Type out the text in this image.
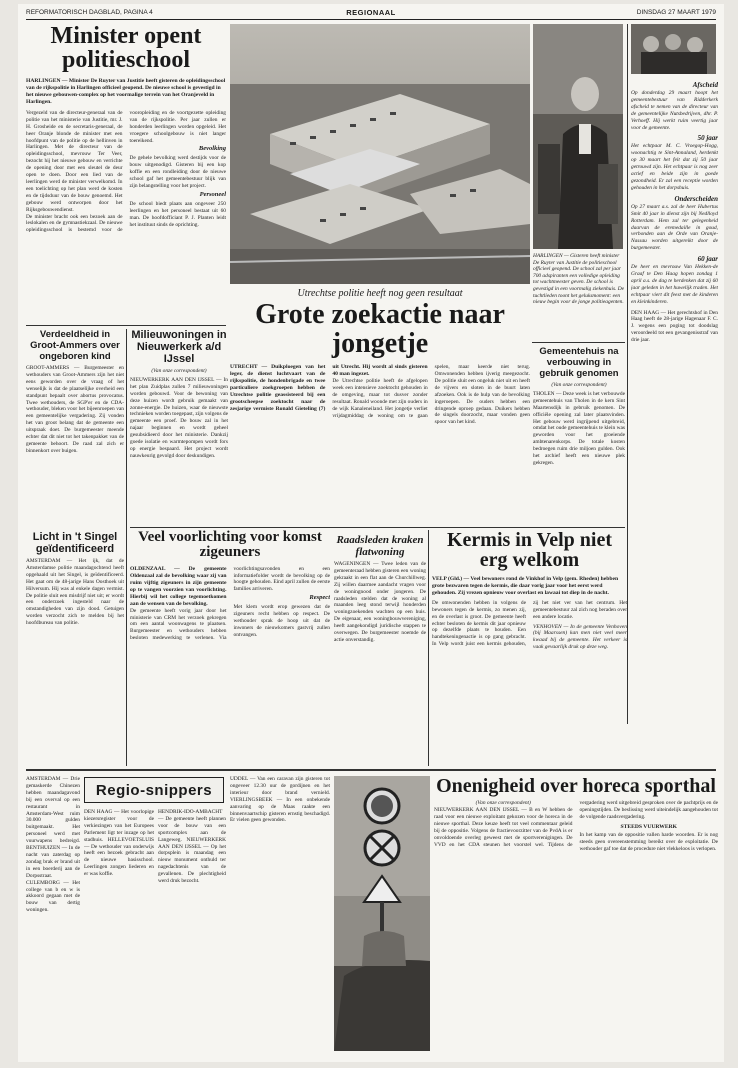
REFORMATORISCH DAGBLAD, PAGINA 4	REGIONAAL	DINSDAG 27 MAART 1979
Minister opent politieschool
HARLINGEN — Minister De Ruyter van Justitie heeft gisteren de opleidingsschool van de rijkspolitie in Harlingen officieel geopend. De nieuwe school is gevestigd in het nieuwe gebouwen-complex op het voormalige terrein van het Oranjeveld in Harlingen.

Vergezeld van de directeur-generaal van de politie van het ministerie van Justitie, mr. J. H. Grosheide en de secretaris-generaal, de heer Oranje blonde de minister met een hoofdpunt van de politie op de hellinven in Harlingen. Met de directeur van de opleidingsschool, mevrouw Ter Veer, bezocht hij het nieuwe gebouw en verrichte de opening door met een sleutel de deur open te doen. Door een lied van de leerlingen werd de minister verwelkomd. In een toelichting op het plan werd de kosten en de tijdsduur van de bouw genoemd. Het gebouw werd ontworpen door het Rijksgebouwendienst.

De minister bracht ook een bezoek aan de leslokalen en de gymnastiekzaal. De nieuwe opleidingsschool is bestemd voor de vooropleiding en de voortgezette opleiding van de rijkspolitie. Per jaar zullen er honderden leerlingen worden opgeleid. Het vroegere schoolgebouw is niet langer toereikend.

Bevolking

De gehele bevolking werd destijds voor de bouw uitgenodigd. Gisteren bij een kop koffie en een rondleiding door de nieuwe school gaf het gemeentebestuur blijk van zijn belangstelling voor het project.

Personeel

De school biedt plaats aan ongeveer 250 leerlingen en het personeel bestaat uit 60 man. De hoofdofficiant P. J. Planten leidt het instituut sinds de oprichting.

Verdeeldheid in Groot-Ammers over ongeboren kind
GROOT-AMMERS — Burgemeester en wethouders van Groot-Ammers zijn het niet eens geworden over de vraag of het wenselijk is dat de plaatselijke overheid een standpunt bepaalt over abortus provocatus. Twee wethouders, de SGP'er en de CDA-wethouder, bleken voor het bijeenroepen van een gemeentelijke vergadering. Zij vonden het van groot belang dat de gemeente een uitspraak doet. De burgemeester meende echter dat dit niet tot het takenpakket van de gemeente behoort. De raad zal zich er binnenkort over buigen.
Licht in 't Singel geïdentificeerd
AMSTERDAM — Het ijk, dat de Amsterdamse politie maandagochtend heeft opgehaald uit het Singel, is geïdentificeerd. Het gaat om de 48-jarige Hans Oosthoek uit Hilversum. Hij was al enkele dagen vermist. De politie sluit een misdrijf niet uit; er wordt een onderzoek ingesteld naar de omstandigheden van zijn dood. Getuigen worden verzocht zich te melden bij het hoofdbureau van politie.
Milieuwoningen in Nieuwerkerk a/d IJssel
(Van onze correspondent)
NIEUWERKERK AAN DEN IJSSEL — In het plan Zuidplas zullen 7 milieuwoningen worden gebouwd. Voor de bewoning van deze huizen wordt gebruik gemaakt van zonne-energie. De huizen, waar de nieuwste technieken worden toegepast, zijn volgens de gemeente een proef. De bouw zal in het najaar beginnen en wordt geheel gesubsidieerd door het ministerie. Dankzij goede isolatie en warmtepompen wordt fors op energie bespaard. Het project wordt nauwkeurig gevolgd door deskundigen.
HARLINGEN — Gisteren heeft minister De Ruyter van Justitie de politieschool officieel geopend. De school zal per jaar 700 adspiranten een volledige opleiding tot wachtmeester geven. De school is gevestigd in een voormalig ziekenhuis. De tuchtlieden toont het geluksmoment: een nieuw begin voor de jonge politieagenten.
Afscheid
Op donderdag 29 maart hoopt het gemeentebestuur van Ridderkerk afscheid te nemen van de directeur van de gemeentelijke Nutsbedrijven, dhr. P. Verhoeff. Hij werkt ruim veertig jaar voor de gemeente.
50 jaar
Het echtpaar M. C. Vroegop-Hogg, woonachtig te Sint-Annaland, herdenkt op 30 maart het feit dat zij 50 jaar getrouwd zijn. Het echtpaar is nog zeer actief en beide zijn in goede gezondheid. Er zal een receptie worden gehouden in het dorpshuis.
Onderscheiden
Op 27 maart a.s. zal de heer Hubertus Smit 40 jaar in dienst zijn bij Nedlloyd Rotterdam. Hem zal ter gelegenheid daarvan de eremedaille in goud, verbonden aan de Orde van Oranje-Nassau worden uitgereikt door de burgemeester.
60 jaar
De heer en mevrouw Van Hekken-de Graaf te Den Haag hopen zondag 1 april a.s. de dag te herdenken dat zij 60 jaar geleden in het huwelijk traden. Het echtpaar viert dit feest met de kinderen en kleinkinderen.
DEN HAAG — Het gerechtshof in Den Haag heeft de 28-jarige Hagenaar F. C. J. wegens een poging tot doodslag veroordeeld tot een gevangenisstraf van drie jaar.
Utrechtse politie heeft nog geen resultaat
Grote zoekactie naar jongetje

UTRECHT — Duikploegen van het leger, de dienst luchtvaart van de rijkspolitie, de hondenbrigade en twee particuliere zoekgroepen hebben de Utrechtse politie geassisteerd bij een grootscheepse zoektocht naar de zesjarige vermiste Ronald Gieteling (7) uit Utrecht. Hij wordt al sinds gisteren 40 man ingezet.

De Utrechtse politie heeft de afgelopen week een intensieve zoektocht gehouden in de omgeving, maar tot dusver zonder resultaat. Ronald woonde met zijn ouders in de wijk Kanaleneiland. Het jongetje verliet vrijdagmiddag de woning om te gaan spelen, maar keerde niet terug. Omwonenden hebben ijverig meegezocht. De politie sluit een ongeluk niet uit en heeft de vijvers en sloten in de buurt laten afzoeken. Ook is de hulp van de bevolking ingeroepen. De ouders hebben een dringende oproep gedaan. Duikers hebben de singels doorzocht, maar vonden geen spoor van het kind.

Gemeentehuis na verbouwing in gebruik genomen
(Van onze correspondent)
THOLEN — Deze week is het verbouwde gemeentehuis van Tholen in de kern Sint Maartensdijk in gebruik genomen. De officiële opening zal later plaatsvinden. Het gebouw werd ingrijpend uitgebreid, omdat het oude gemeentehuis te klein was geworden voor het groeiende ambtenarenkorps. De totale kosten bedroegen ruim drie miljoen gulden. Ook het archief heeft een nieuwe plek gekregen.
Veel voorlichting voor komst zigeuners

OLDENZAAL — De gemeente Oldenzaal zal de bevolking waar zij van ruim vijftig zigeuners in zijn gemeente op te vangen voorzien van voorlichting. Hierbij wil het college tegemoetkomen aan de wensen van de bevolking.

De gemeente heeft vorig jaar door het ministerie van CRM het verzoek gekregen om een aantal woonwagens te plaatsen. Burgemeester en wethouders hebben besloten medewerking te verlenen. Via voorlichtingsavonden en een informatiefolder wordt de bevolking op de hoogte gehouden. Eind april zullen de eerste families arriveren.

Respect

Met klem wordt erop gewezen dat de zigeuners recht hebben op respect. De wethouder sprak de hoop uit dat de inwoners de nieuwkomers gastvrij zullen ontvangen.

Raadsleden kraken flatwoning
WAGENINGEN — Twee leden van de gemeenteraad hebben gisteren een woning gekraakt in een flat aan de Churchillweg. Zij willen daarmee aandacht vragen voor de woningnood onder jongeren. De raadsleden stelden dat de woning al maanden leeg stond terwijl honderden woningzoekenden wachten op een huis. De eigenaar, een woningbouwvereniging, heeft aangekondigd juridische stappen te overwegen. De burgemeester noemde de actie onverstandig.
Kermis in Velp niet erg welkom
VELP (Gld.) — Veel bewoners rond de Vinkhof in Velp (gem. Rheden) hebben grote bezwaren tegen de kermis, die daar vorig jaar voor het eerst werd gehouden. Zij vrezen opnieuw voor overlast en lawaai tot diep in de nacht.

De omwonenden hebben in volgens de bewoners tegen de kermis, zo menen zij, en de overlast is groot. De gemeente heeft echter besloten de kermis dit jaar opnieuw op dezelfde plaats te houden. Een handtekeningenactie is op gang gebracht. In Velp wordt juist een kermis gehouden, zij het niet ver van het centrum. Het gemeentebestuur zal zich nog beraden over een andere locatie.

VENHOVEN — In de gemeente Venhoven (bij Maarssen) kan men niet veel meer kwaad bij de gemeente. Het verkeer is vaak gevaarlijk druk op deze weg.

Regio-snippers
AMSTERDAM — Drie gemaskerde Chinezen hebben maandagavond bij een overval op een restaurant in Amsterdam-West ruim 30.000 gulden buitgemaakt. Het personeel werd met vuurwapens bedreigd. BENTHUIZEN — In de nacht van zaterdag op zondag brak er brand uit in een boerderij aan de Dorpsstraat. CULEMBORG — Het college van b en w is akkoord gegaan met de bouw van dertig woningen.
DEN HAAG — Het voorlopige kiezersregister voor de verkiezingen van het Europees Parlement ligt ter inzage op het stadhuis. HELLEVOETSLUIS — De wethouder van onderwijs heeft een bezoek gebracht aan de nieuwe basisschool. Leerlingen zongen liederen en er was koffie.
HENDRIK-IDO-AMBACHT — De gemeente heeft plannen voor de bouw van een sportcomplex aan de Langeweg. NIEUWERKERK AAN DEN IJSSEL — Op het dorpsplein is maandag een nieuw monument onthuld ter nagedachtenis van de gevallenen. De plechtigheid werd druk bezocht.
UDDEL — Van een caravan zijn gisteren tot ongeveer 12.30 uur de gordijnen en het interieur door brand vernield. VIERLINGSBEEK — In een onbekende aanvaring op de Maas raakte een binnenvaartschip gisteren ernstig beschadigd. Er vielen geen gewonden.
Onenigheid over horeca sporthal

(Van onze correspondent)

NIEUWERKERK AAN DEN IJSSEL — B en W hebben de raad voor een nieuwe exploitant gekozen voor de horeca in de nieuwe sporthal. Deze keuze heeft tot veel commentaar geleid bij de oppositie. Volgens de fractievoorzitter van de PvdA is er onvoldoende overleg geweest met de sportverenigingen. De VVD en het CDA steunen het voorstel wel. Tijdens de vergadering werd uitgebreid gesproken over de pachtprijs en de openingstijden. De beslissing werd uiteindelijk aangehouden tot de volgende raadsvergadering.

STEEDS VUURWERK

In het kamp van de oppositie vallen harde woorden. Er is nog steeds geen overeenstemming bereikt over de exploitatie. De wethouder gaf toe dat de procedure niet vlekkeloos is verlopen.
